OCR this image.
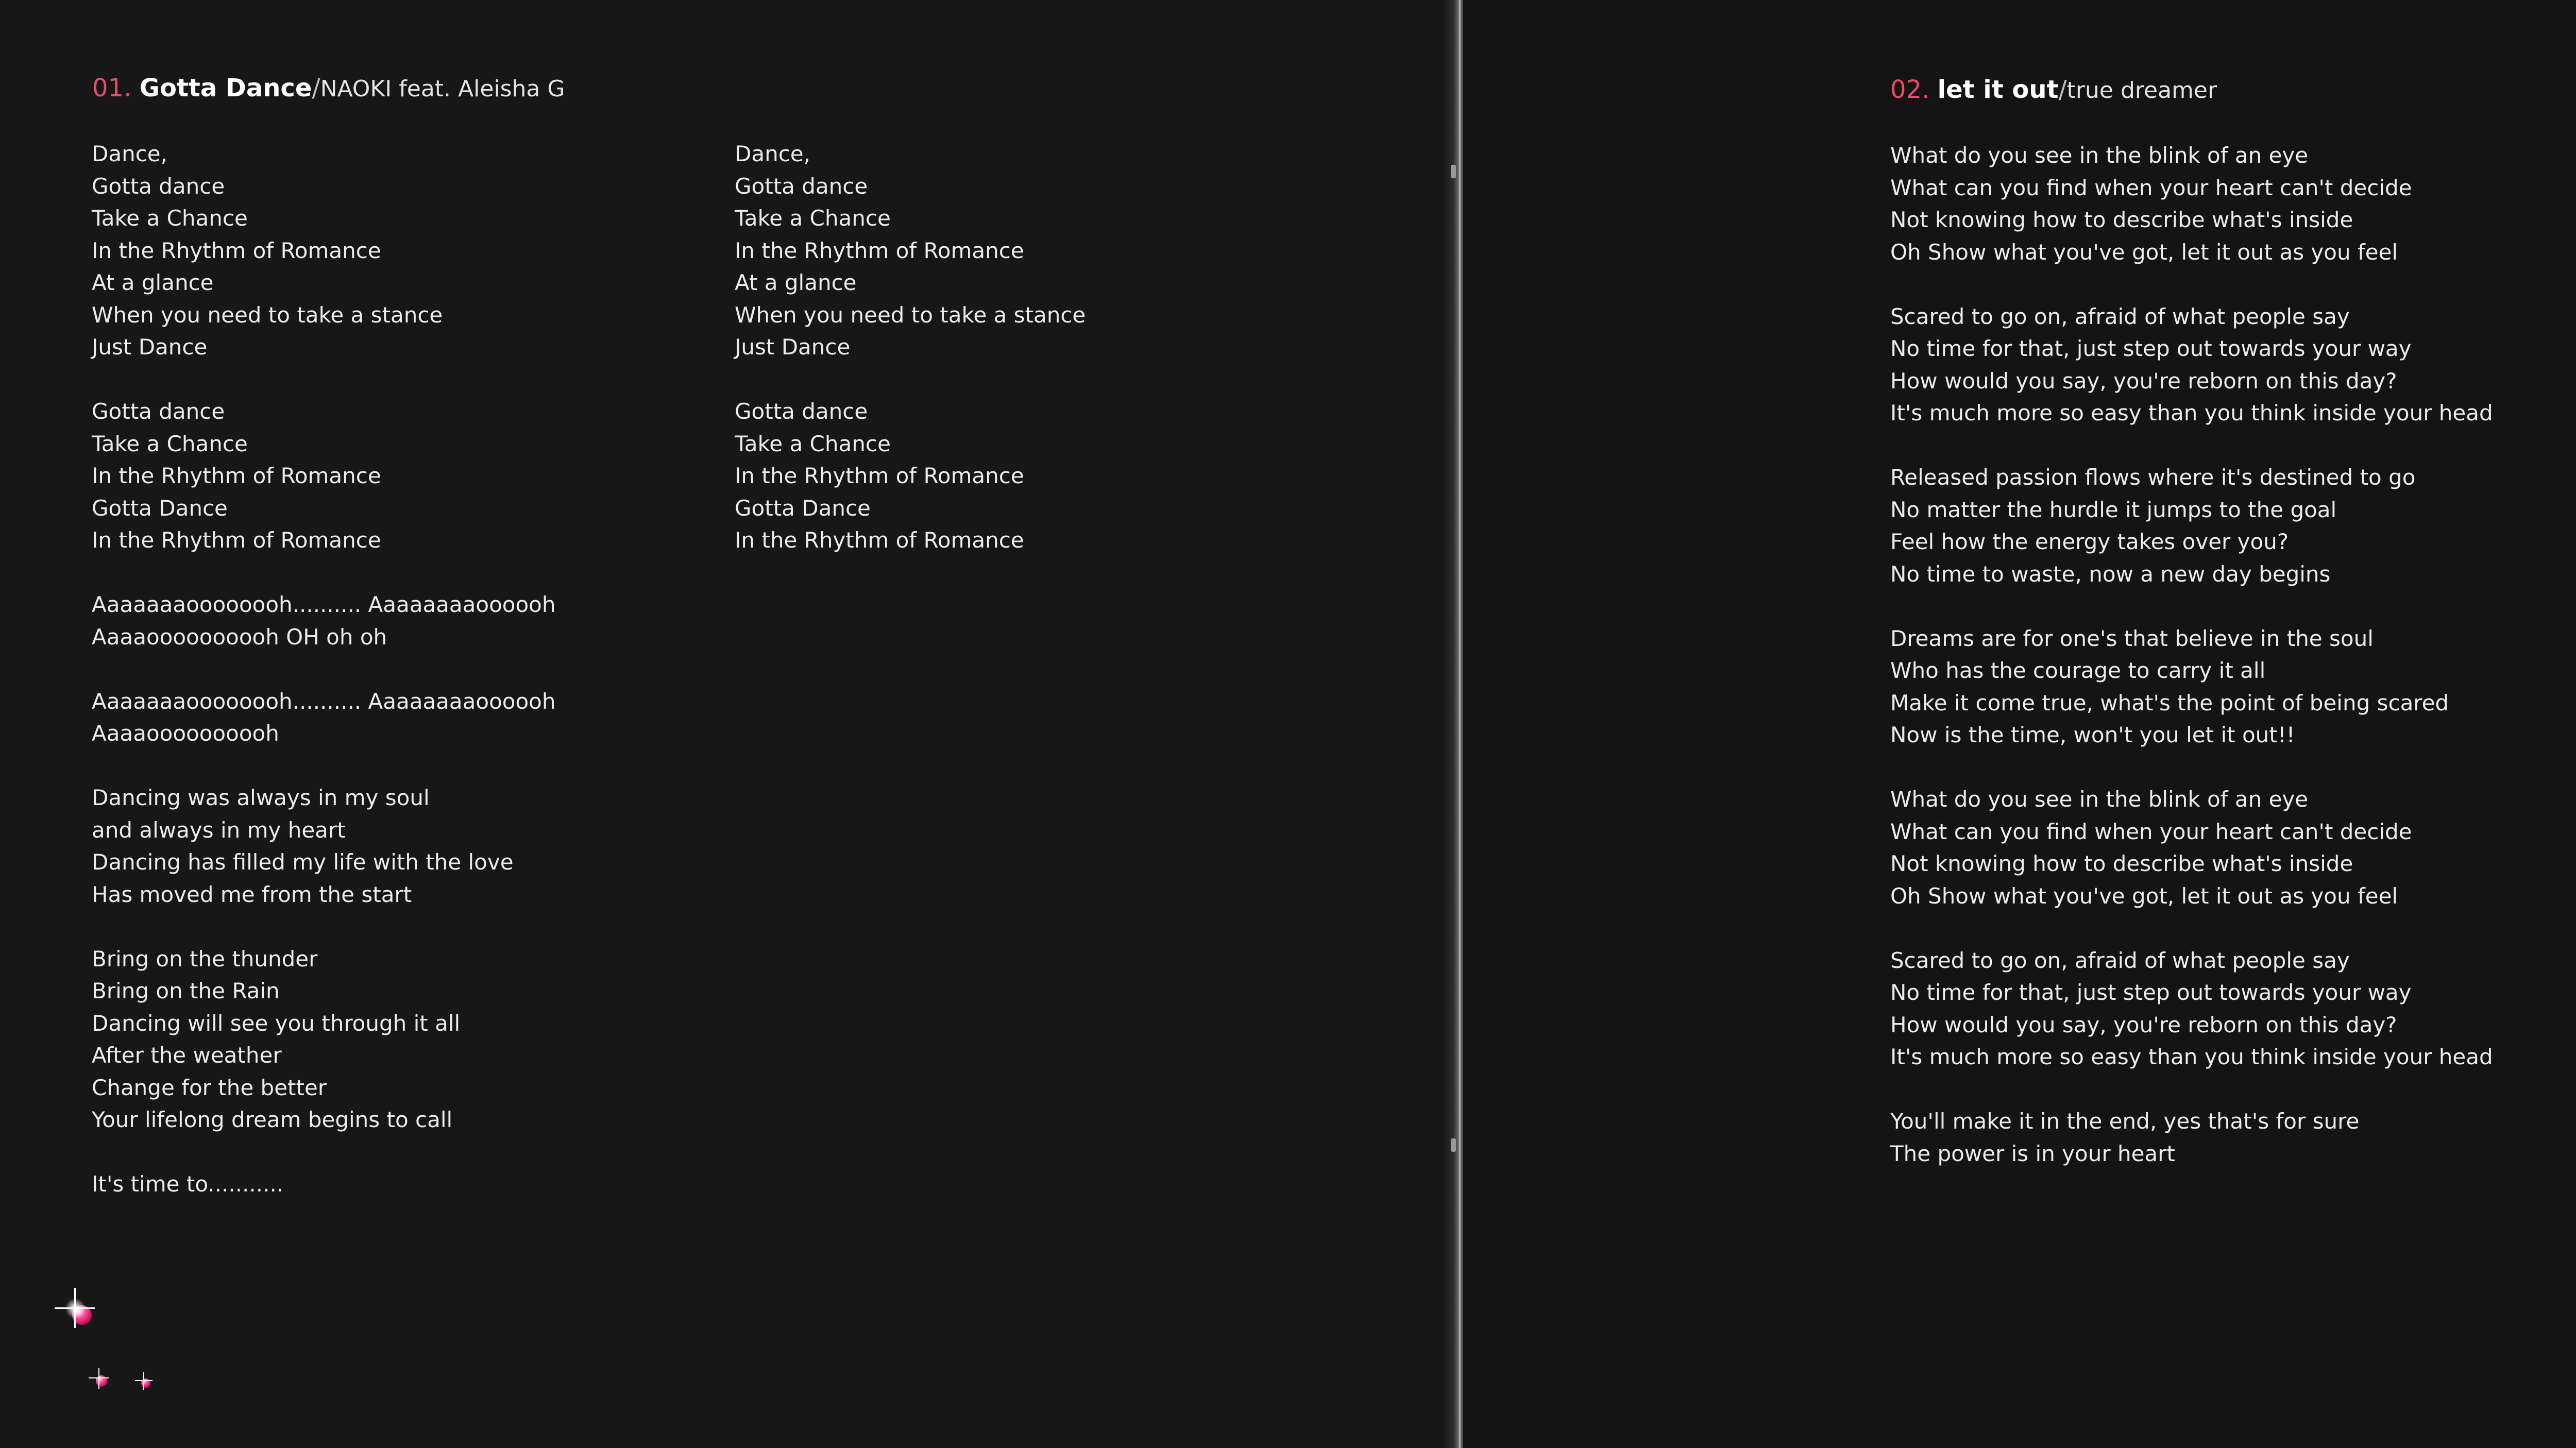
01. Gotta Dance/NAOKI feat. Aleisha G
Dance,
Gotta dance
Take a Chance
In the Rhythm of Romance
At a glance
When you need to take a stance
Just Dance

Gotta dance
Take a Chance
In the Rhythm of Romance
Gotta Dance
In the Rhythm of Romance

Aaaaaaaoooooooh.......... Aaaaaaaaoooooh
Aaaaoooooooooh OH oh oh

Aaaaaaaoooooooh.......... Aaaaaaaaoooooh
Aaaaoooooooooh

Dancing was always in my soul
and always in my heart
Dancing has filled my life with the love
Has moved me from the start

Bring on the thunder
Bring on the Rain
Dancing will see you through it all
After the weather
Change for the better
Your lifelong dream begins to call

It's time to...........
Dance,
Gotta dance
Take a Chance
In the Rhythm of Romance
At a glance
When you need to take a stance
Just Dance

Gotta dance
Take a Chance
In the Rhythm of Romance
Gotta Dance
In the Rhythm of Romance
02. let it out/true dreamer
What do you see in the blink of an eye
What can you find when your heart can't decide
Not knowing how to describe what's inside
Oh Show what you've got, let it out as you feel

Scared to go on, afraid of what people say
No time for that, just step out towards your way
How would you say, you're reborn on this day?
It's much more so easy than you think inside your head

Released passion flows where it's destined to go
No matter the hurdle it jumps to the goal
Feel how the energy takes over you?
No time to waste, now a new day begins

Dreams are for one's that believe in the soul
Who has the courage to carry it all
Make it come true, what's the point of being scared
Now is the time, won't you let it out!!

What do you see in the blink of an eye
What can you find when your heart can't decide
Not knowing how to describe what's inside
Oh Show what you've got, let it out as you feel

Scared to go on, afraid of what people say
No time for that, just step out towards your way
How would you say, you're reborn on this day?
It's much more so easy than you think inside your head

You'll make it in the end, yes that's for sure
The power is in your heart
